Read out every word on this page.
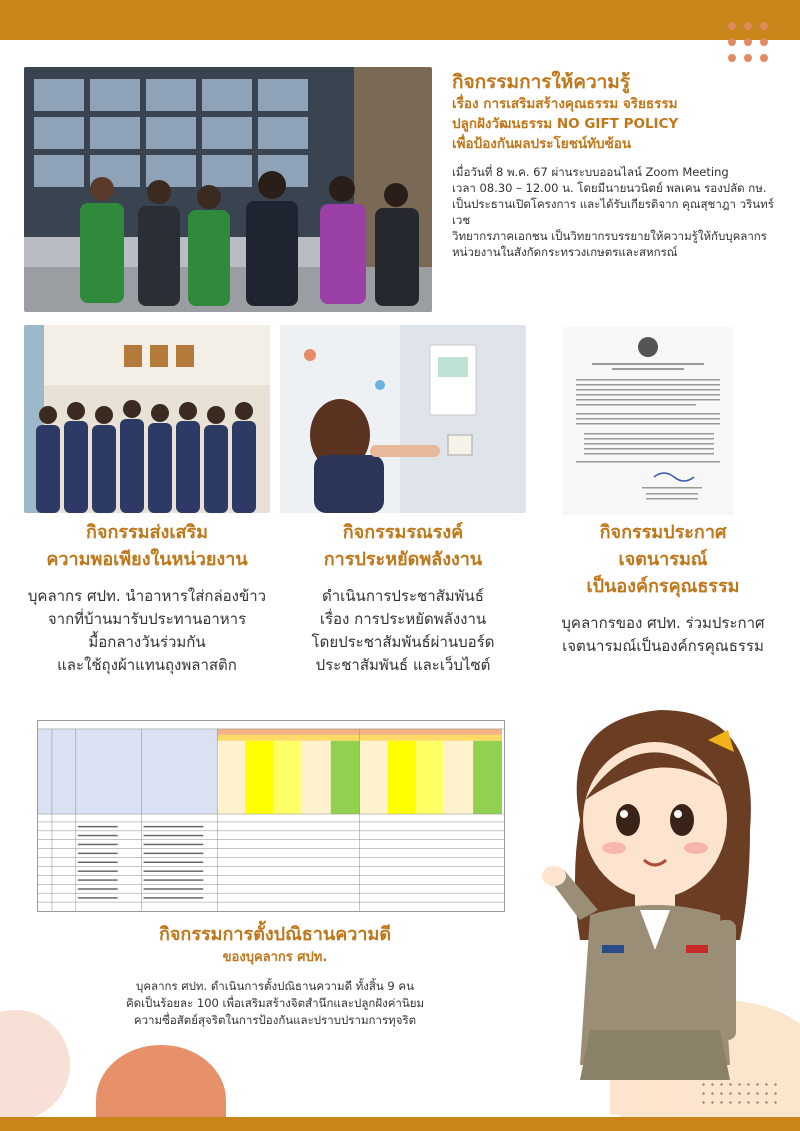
กิจกรรมการให้ความรู้
เรื่อง การเสริมสร้างคุณธรรม จริยธรรม
ปลูกฝังวัฒนธรรม NO GIFT POLICY
เพื่อป้องกันผลประโยชน์ทับซ้อน
เมื่อวันที่ 8 พ.ค. 67 ผ่านระบบออนไลน์ Zoom Meeting
เวลา 08.30 – 12.00 น. โดยมีนายนวนิตย์ พลเคน รองปลัด กษ.
เป็นประธานเปิดโครงการ และได้รับเกียรติจาก คุณสุชาฎา วรินทร์เวช
วิทยากรภาคเอกชน เป็นวิทยากรบรรยายให้ความรู้ให้กับบุคลากร
หน่วยงานในสังกัดกระทรวงเกษตรและสหกรณ์
กิจกรรมส่งเสริม
ความพอเพียงในหน่วยงาน
บุคลากร ศปท. นำอาหารใส่กล่องข้าว
จากที่บ้านมารับประทานอาหาร
มื้อกลางวันร่วมกัน
และใช้ถุงผ้าแทนถุงพลาสติก
กิจกรรมรณรงค์
การประหยัดพลังงาน
ดำเนินการประชาสัมพันธ์
เรื่อง การประหยัดพลังงาน
โดยประชาสัมพันธ์ผ่านบอร์ด
ประชาสัมพันธ์ และเว็บไซต์
กิจกรรมประกาศ
เจตนารมณ์
เป็นองค์กรคุณธรรม
บุคลากรของ ศปท. ร่วมประกาศ
เจตนารมณ์เป็นองค์กรคุณธรรม
กิจกรรมการตั้งปณิธานความดี
ของบุคลากร ศปท.
บุคลากร ศปท. ดำเนินการตั้งปณิธานความดี ทั้งสิ้น 9 คน
คิดเป็นร้อยละ 100 เพื่อเสริมสร้างจิตสำนึกและปลูกฝังค่านิยม
ความซื่อสัตย์สุจริตในการป้องกันและปราบปรามการทุจริต
